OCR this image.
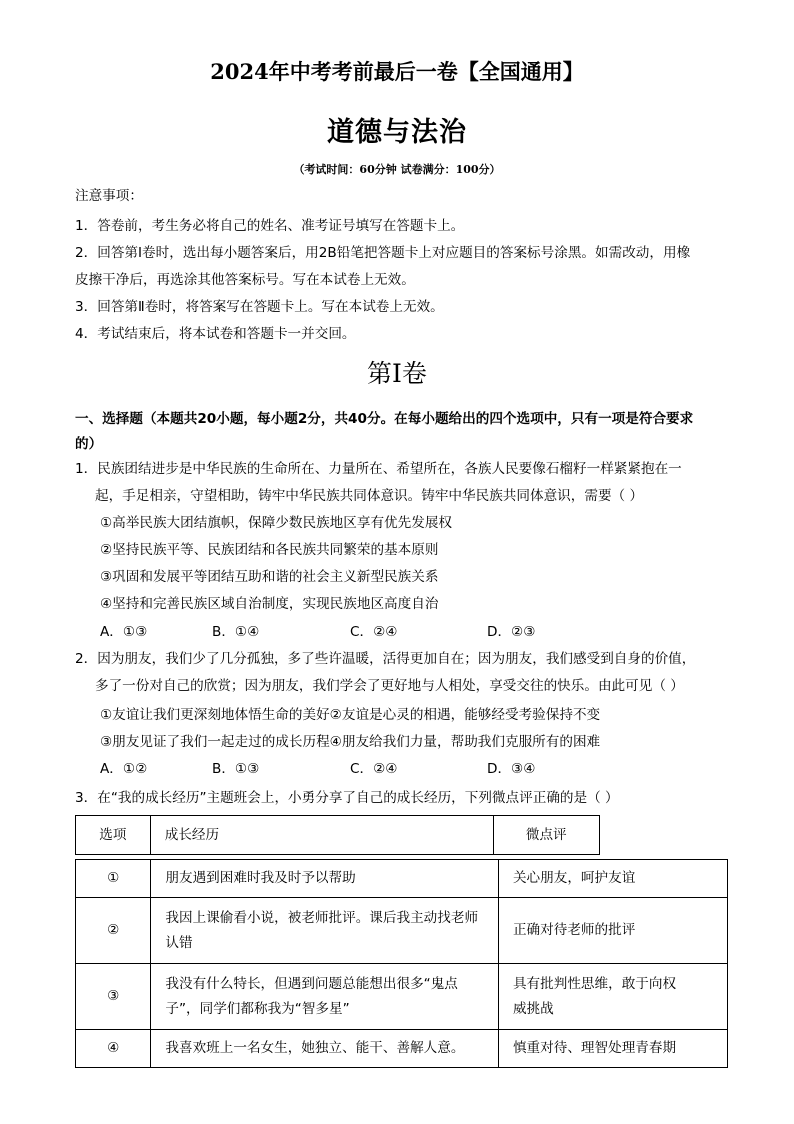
2024年中考考前最后一卷【全国通用】
道德与法治
（考试时间：60分钟 试卷满分：100分）
注意事项：
1．答卷前，考生务必将自己的姓名、准考证号填写在答题卡上。
2．回答第Ⅰ卷时，选出每小题答案后，用2B铅笔把答题卡上对应题目的答案标号涂黑。如需改动，用橡
皮擦干净后，再选涂其他答案标号。写在本试卷上无效。
3．回答第Ⅱ卷时，将答案写在答题卡上。写在本试卷上无效。
4．考试结束后，将本试卷和答题卡一并交回。
第Ⅰ卷
一、选择题（本题共20小题，每小题2分，共40分。在每小题给出的四个选项中，只有一项是符合要求
的）
1．民族团结进步是中华民族的生命所在、力量所在、希望所在，各族人民要像石榴籽一样紧紧抱在一
起，手足相亲，守望相助，铸牢中华民族共同体意识。铸牢中华民族共同体意识，需要（ ）
①高举民族大团结旗帜，保障少数民族地区享有优先发展权
②坚持民族平等、民族团结和各民族共同繁荣的基本原则
③巩固和发展平等团结互助和谐的社会主义新型民族关系
④坚持和完善民族区域自治制度，实现民族地区高度自治
A．①③	B．①④	C．②④	D．②③
2．因为朋友，我们少了几分孤独，多了些许温暖，活得更加自在；因为朋友，我们感受到自身的价值，
多了一份对自己的欣赏；因为朋友，我们学会了更好地与人相处，享受交往的快乐。由此可见（ ）
①友谊让我们更深刻地体悟生命的美好②友谊是心灵的相遇，能够经受考验保持不变
③朋友见证了我们一起走过的成长历程④朋友给我们力量，帮助我们克服所有的困难
A．①②	B．①③	C．②④	D．③④
3．在“我的成长经历”主题班会上，小勇分享了自己的成长经历，下列微点评正确的是（ ）
选项	成长经历	微点评
①	朋友遇到困难时我及时予以帮助	关心朋友，呵护友谊
②	我因上课偷看小说，被老师批评。课后我主动找老师
认错	正确对待老师的批评
③	我没有什么特长，但遇到问题总能想出很多“鬼点
子”，同学们都称我为“智多星”	具有批判性思维，敢于向权
威挑战
④	我喜欢班上一名女生，她独立、能干、善解人意。	慎重对待、理智处理青春期
